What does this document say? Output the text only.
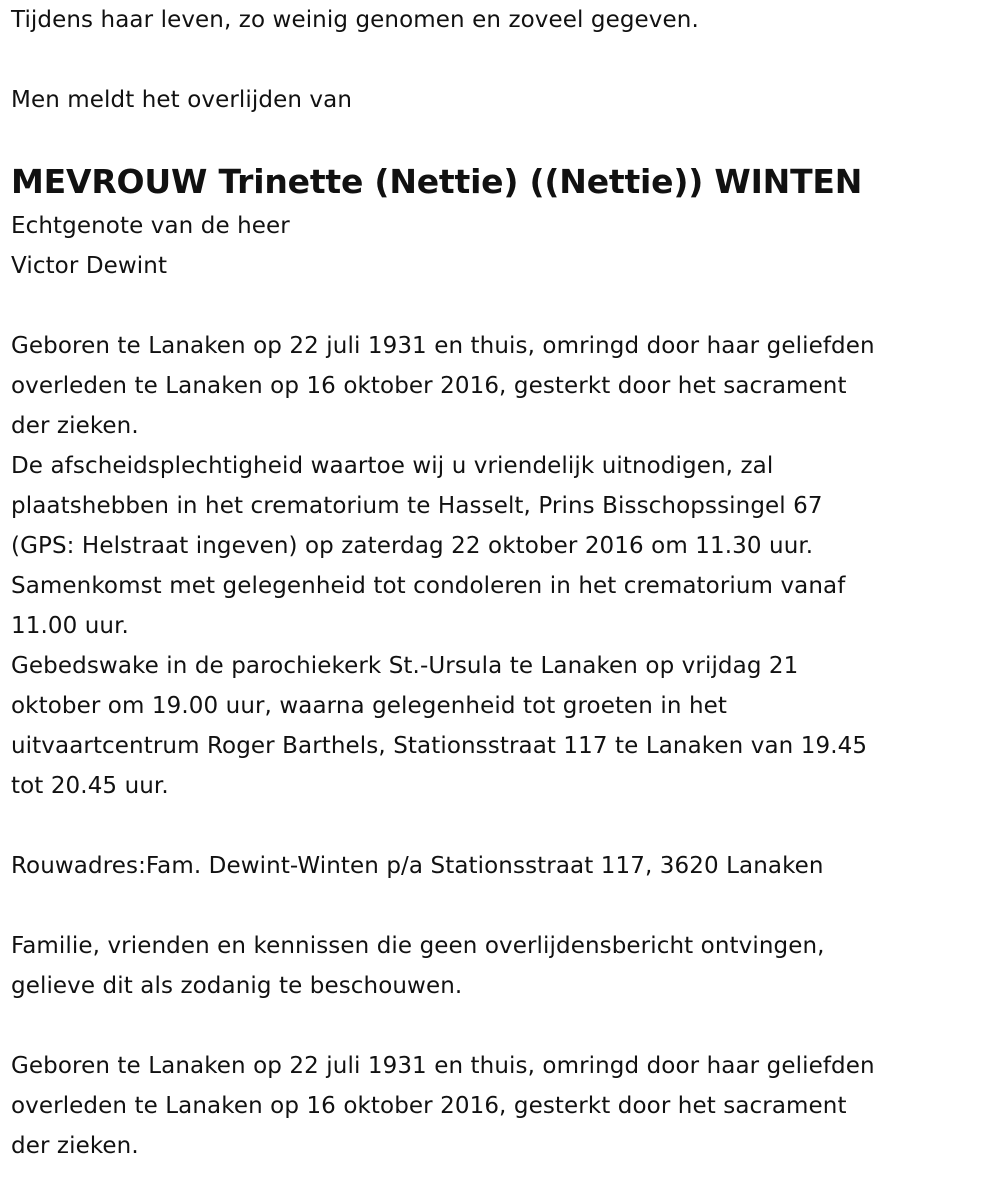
Tijdens haar leven, zo weinig genomen en zoveel gegeven.
Men meldt het overlijden van
MEVROUW Trinette (Nettie) ((Nettie)) WINTEN
Echtgenote van de heer
Victor Dewint
Geboren te Lanaken op 22 juli 1931 en thuis, omringd door haar geliefden
overleden te Lanaken op 16 oktober 2016, gesterkt door het sacrament
der zieken.
De afscheidsplechtigheid waartoe wij u vriendelijk uitnodigen, zal
plaatshebben in het crematorium te Hasselt, Prins Bisschopssingel 67
(GPS: Helstraat ingeven) op zaterdag 22 oktober 2016 om 11.30 uur.
Samenkomst met gelegenheid tot condoleren in het crematorium vanaf
11.00 uur.
Gebedswake in de parochiekerk St.-Ursula te Lanaken op vrijdag 21
oktober om 19.00 uur, waarna gelegenheid tot groeten in het
uitvaartcentrum Roger Barthels, Stationsstraat 117 te Lanaken van 19.45
tot 20.45 uur.
Rouwadres:Fam. Dewint-Winten p/a Stationsstraat 117, 3620 Lanaken
Familie, vrienden en kennissen die geen overlijdensbericht ontvingen,
gelieve dit als zodanig te beschouwen.
Geboren te Lanaken op 22 juli 1931 en thuis, omringd door haar geliefden
overleden te Lanaken op 16 oktober 2016, gesterkt door het sacrament
der zieken.
